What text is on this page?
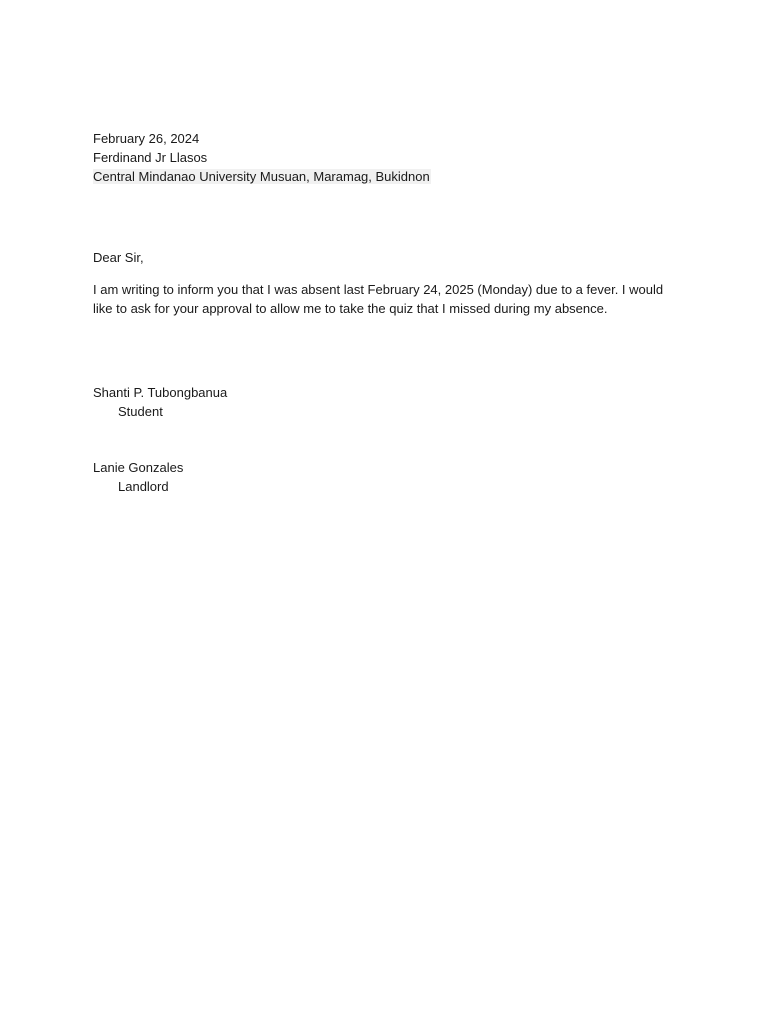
February 26, 2024
Ferdinand Jr Llasos
Central Mindanao University Musuan, Maramag, Bukidnon
Dear Sir,
I am writing to inform you that I was absent last February 24, 2025 (Monday) due to a fever. I would
like to ask for your approval to allow me to take the quiz that I missed during my absence.
Shanti P. Tubongbanua
Student
Lanie Gonzales
Landlord
